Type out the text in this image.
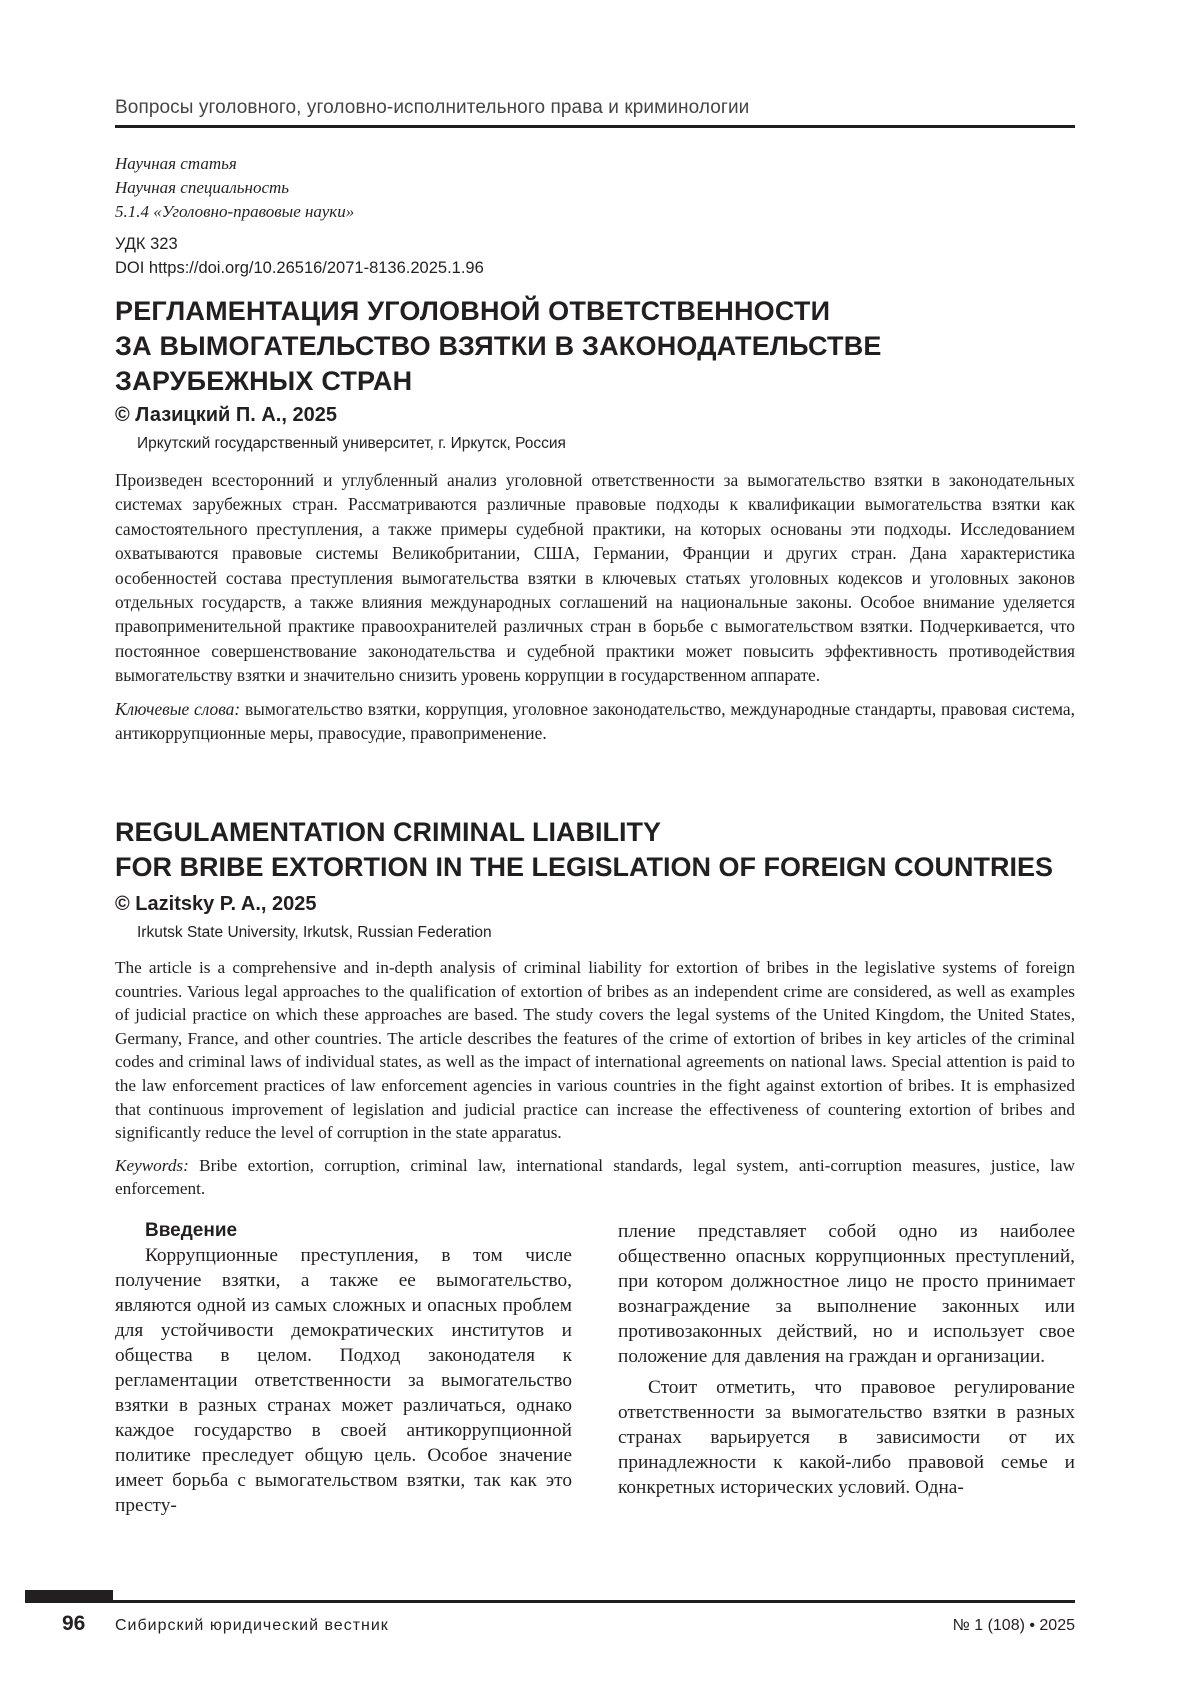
Вопросы уголовного, уголовно-исполнительного права и криминологии
Научная статья
Научная специальность
5.1.4 «Уголовно-правовые науки»
УДК 323
DOI https://doi.org/10.26516/2071-8136.2025.1.96
РЕГЛАМЕНТАЦИЯ УГОЛОВНОЙ ОТВЕТСТВЕННОСТИ
ЗА ВЫМОГАТЕЛЬСТВО ВЗЯТКИ В ЗАКОНОДАТЕЛЬСТВЕ
ЗАРУБЕЖНЫХ СТРАН
© Лазицкий П. А., 2025
Иркутский государственный университет, г. Иркутск, Россия

Произведен всесторонний и углубленный анализ уголовной ответственности за вымогательство взятки в законодательных системах зарубежных стран. Рассматриваются различные правовые подходы к квалификации вымогательства взятки как самостоятельного преступления, а также примеры судебной практики, на которых основаны эти подходы. Исследованием охватываются правовые системы Великобритании, США, Германии, Франции и других стран. Дана характеристика особенностей состава преступления вымогательства взятки в ключевых статьях уголовных кодексов и уголовных законов отдельных государств, а также влияния международных соглашений на национальные законы. Особое внимание уделяется правоприменительной практике правоохранителей различных стран в борьбе с вымогательством взятки. Подчеркивается, что постоянное совершенствование законодательства и судебной практики может повысить эффективность противодействия вымогательству взятки и значительно снизить уровень коррупции в государственном аппарате.

Ключевые слова: вымогательство взятки, коррупция, уголовное законодательство, международные стандарты, правовая система, антикоррупционные меры, правосудие, правоприменение.

REGULAMENTATION CRIMINAL LIABILITY
FOR BRIBE EXTORTION IN THE LEGISLATION OF FOREIGN COUNTRIES
© Lazitsky P. A., 2025
Irkutsk State University, Irkutsk, Russian Federation

The article is a comprehensive and in-depth analysis of criminal liability for extortion of bribes in the legislative systems of foreign countries. Various legal approaches to the qualification of extortion of bribes as an independent crime are considered, as well as examples of judicial practice on which these approaches are based. The study covers the legal systems of the United Kingdom, the United States, Germany, France, and other countries. The article describes the features of the crime of extortion of bribes in key articles of the criminal codes and criminal laws of individual states, as well as the impact of international agreements on national laws. Special attention is paid to the law enforcement practices of law enforcement agencies in various countries in the fight against extortion of bribes. It is emphasized that continuous improvement of legislation and judicial practice can increase the effectiveness of countering extortion of bribes and significantly reduce the level of corruption in the state apparatus.

Keywords: Bribe extortion, corruption, criminal law, international standards, legal system, anti-corruption measures, justice, law enforcement.

Введение

Коррупционные преступления, в том числе получение взятки, а также ее вымогательство, являются одной из самых сложных и опасных проблем для устойчивости демократических институтов и общества в целом. Подход законодателя к регламентации ответственности за вымогательство взятки в разных странах может различаться, однако каждое государство в своей антикоррупционной политике преследует общую цель. Особое значение имеет борьба с вымогательством взятки, так как это престу-

пление представляет собой одно из наиболее общественно опасных коррупционных преступлений, при котором должностное лицо не просто принимает вознаграждение за выполнение законных или противозаконных действий, но и использует свое положение для давления на граждан и организации.

Стоит отметить, что правовое регулирование ответственности за вымогательство взятки в разных странах варьируется в зависимости от их принадлежности к какой-либо правовой семье и конкретных исторических условий. Одна-

96 Сибирский юридический вестник	№ 1 (108) • 2025
